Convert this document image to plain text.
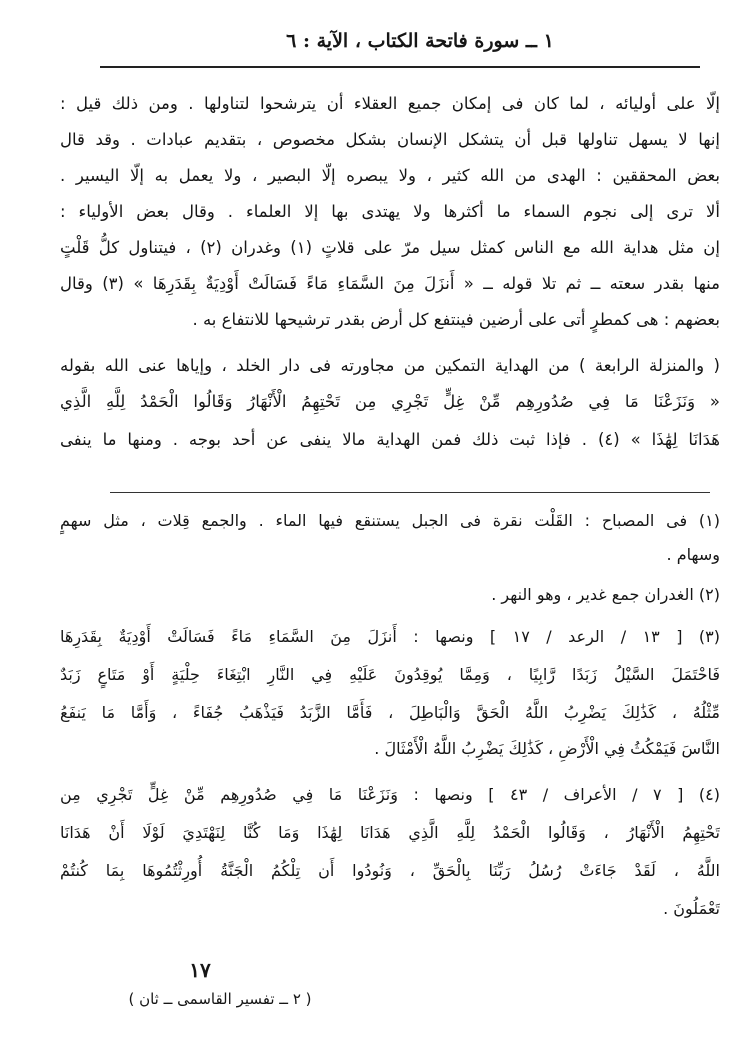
١ ــ سورة فاتحة الكتاب ، الآية : ٦
إلّا على أوليائه ، لما كان فى إمكان جميع العقلاء أن يترشحوا لتناولها . ومن ذلك قيل :
إنها لا يسهل تناولها قبل أن يتشكل الإنسان بشكل مخصوص ، بتقديم عبادات . وقد قال
بعض المحققين : الهدى من الله كثير ، ولا يبصره إلّا البصير ، ولا يعمل به إلّا اليسير .
ألا ترى إلى نجوم السماء ما أكثرها ولا يهتدى بها إلا العلماء . وقال بعض الأولياء :
إن مثل هداية الله مع الناس كمثل سيل مرّ على قلاتٍ (١) وغدران (٢) ، فيتناول كلُّ قَلْتٍ
منها بقدر سعته ــ ثم تلا قوله ــ « أَنزَلَ مِنَ السَّمَاءِ مَاءً فَسَالَتْ أَوْدِيَةٌ بِقَدَرِهَا » (٣) وقال
بعضهم : هى كمطرٍ أتى على أرضين فينتفع كل أرض بقدر ترشيحها للانتفاع به .
( والمنزلة الرابعة ) من الهداية التمكين من مجاورته فى دار الخلد ، وإياها عنى الله بقوله
« وَنَزَعْنَا مَا فِي صُدُورِهِم مِّنْ غِلٍّ تَجْرِي مِن تَحْتِهِمُ الْأَنْهَارُ وَقَالُوا الْحَمْدُ لِلَّهِ الَّذِي
هَدَانَا لِهَٰذَا » (٤) . فإذا ثبت ذلك فمن الهداية مالا ينفى عن أحد بوجه . ومنها ما ينفى
(١) فى المصباح : القَلْت نقرة فى الجبل يستنقع فيها الماء . والجمع قِلات ، مثل سهمٍ
وسهام .
(٢) الغدران جمع غدير ، وهو النهر .
(٣) [ ١٣ / الرعد / ١٧ ] ونصها : أَنزَلَ مِنَ السَّمَاءِ مَاءً فَسَالَتْ أَوْدِيَةٌ بِقَدَرِهَا
فَاحْتَمَلَ السَّيْلُ زَبَدًا رَّابِيًا ، وَمِمَّا يُوقِدُونَ عَلَيْهِ فِي النَّارِ ابْتِغَاءَ حِلْيَةٍ أَوْ مَتَاعٍ زَبَدٌ
مِّثْلُهُ ، كَذَٰلِكَ يَضْرِبُ اللَّهُ الْحَقَّ وَالْبَاطِلَ ، فَأَمَّا الزَّبَدُ فَيَذْهَبُ جُفَاءً ، وَأَمَّا مَا يَنفَعُ
النَّاسَ فَيَمْكُثُ فِي الْأَرْضِ ، كَذَٰلِكَ يَضْرِبُ اللَّهُ الْأَمْثَالَ .
(٤) [ ٧ / الأعراف / ٤٣ ] ونصها : وَنَزَعْنَا مَا فِي صُدُورِهِم مِّنْ غِلٍّ تَجْرِي مِن
تَحْتِهِمُ الْأَنْهَارُ ، وَقَالُوا الْحَمْدُ لِلَّهِ الَّذِي هَدَانَا لِهَٰذَا وَمَا كُنَّا لِنَهْتَدِيَ لَوْلَا أَنْ هَدَانَا
اللَّهُ ، لَقَدْ جَاءَتْ رُسُلُ رَبِّنَا بِالْحَقِّ ، وَنُودُوا أَن تِلْكُمُ الْجَنَّةُ أُورِثْتُمُوهَا بِمَا كُنتُمْ
تَعْمَلُونَ .
١٧
( ٢ ــ تفسير القاسمى ــ ثان )
